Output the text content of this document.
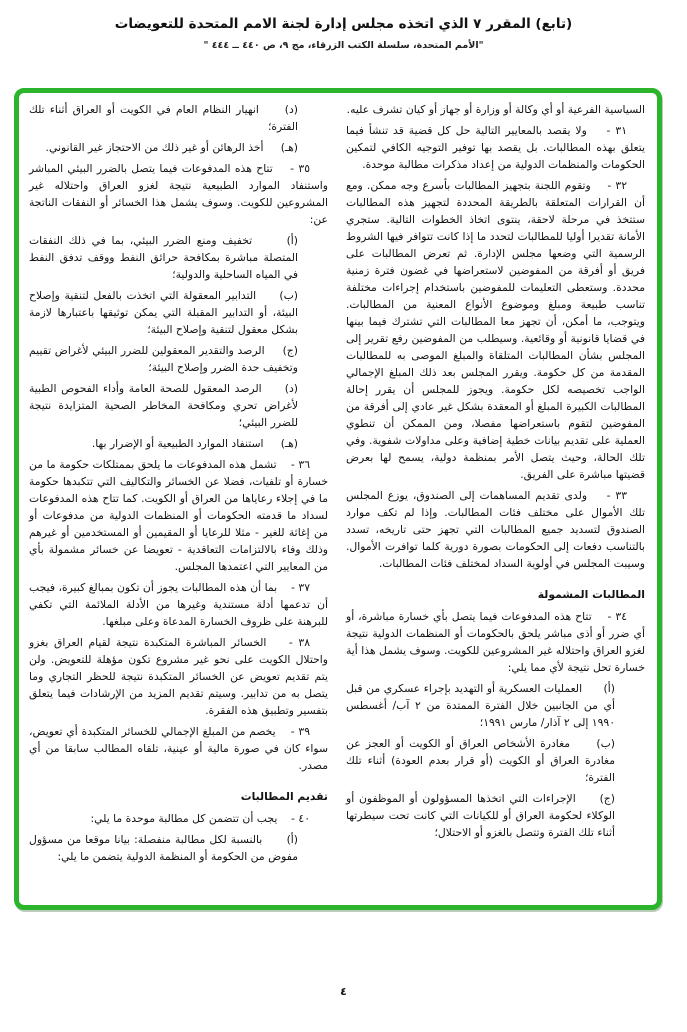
(تابع) المقرر ٧ الذي اتخذه مجلس إدارة لجنة الامم المتحدة للتعويضات
"الأمم المتحدة، سلسلة الكتب الزرقاء، مج ٩، ص ٤٤٠ ــ ٤٤٤ "

السياسية الفرعية أو أي وكالة أو وزارة أو جهاز أو كيان تشرف عليه.

٣١ -    ولا يقصد بالمعايير التالية حل كل قضية قد تنشأ فيما يتعلق بهذه المطالبات. بل يقصد بها توفير التوجيه الكافي لتمكين الحكومات والمنظمات الدولية من إعداد مذكرات مطالبة موحدة.

٣٢ -    وتقوم اللجنة بتجهيز المطالبات بأسرع وجه ممكن. ومع أن القرارات المتعلقة بالطريقة المحددة لتجهيز هذه المطالبات ستتخذ في مرحلة لاحقة، ينتوى اتخاذ الخطوات التالية. ستجري الأمانة تقديرا أوليا للمطالبات لتحدد ما إذا كانت تتوافر فيها الشروط الرسمية التي وضعها مجلس الإدارة. ثم تعرض المطالبات على فريق أو أفرقة من المفوضين لاستعراضها في غضون فترة زمنية محددة. وستعطى التعليمات للمفوضين باستخدام إجراءات مختلفة تناسب طبيعة ومبلغ وموضوع الأنواع المعنية من المطالبات. ويتوجب، ما أمكن، أن تجهز معا المطالبات التي تشترك فيما بينها في قضايا قانونية أو وقائعية. وسيطلب من المفوضين رفع تقرير إلى المجلس بشأن المطالبات المتلقاة والمبلغ الموصى به للمطالبات المقدمة من كل حكومة. ويقرر المجلس بعد ذلك المبلغ الإجمالي الواجب تخصيصه لكل حكومة. ويجوز للمجلس أن يقرر إحالة المطالبات الكبيرة المبلغ أو المعقدة بشكل غير عادي إلى أفرقة من المفوضين لتقوم باستعراضها مفصلا، ومن الممكن أن تنطوي العملية على تقديم بيانات خطية إضافية وعلى مداولات شفوية. وفي تلك الحالة، وحيث يتصل الأمر بمنظمة دولية، يسمح لها بعرض قضيتها مباشرة على الفريق.

٣٣ -    ولدى تقديم المساهمات إلى الصندوق، يوزع المجلس تلك الأموال على مختلف فئات المطالبات. وإذا لم تكف موارد الصندوق لتسديد جميع المطالبات التي تجهز حتى تاريخه، تسدد بالتناسب دفعات إلى الحكومات بصورة دورية كلما توافرت الأموال. وسيبت المجلس في أولوية السداد لمختلف فئات المطالبات.

المطالبات المشمولة

٣٤ -    تتاح هذه المدفوعات فيما يتصل بأي خسارة مباشرة، أو أي ضرر أو أذى مباشر يلحق بالحكومات أو المنظمات الدولية نتيجة لغزو العراق واحتلاله غير المشروعين للكويت. وسوف يشمل هذا أية خسارة تحل نتيجة لأي مما يلي:

(أ)      العمليات العسكرية أو التهديد بإجراء عسكري من قبل أي من الجانبين خلال الفترة الممتدة من ٢ آب/ أغسطس ١٩٩٠ إلى ٢ آذار/ مارس ١٩٩١؛

(ب)     مغادرة الأشخاص العراق أو الكويت أو العجز عن مغادرة العراق أو الكويت (أو قرار بعدم العودة) أثناء تلك الفترة؛

(ج)     الإجراءات التي اتخذها المسؤولون أو الموظفون أو الوكلاء لحكومة العراق أو للكيانات التي كانت تحت سيطرتها أثناء تلك الفترة وتتصل بالغزو أو الاحتلال؛

(د)     انهيار النظام العام في الكويت أو العراق أثناء تلك الفترة؛

(هـ)     أخذ الرهائن أو غير ذلك من الاحتجاز غير القانوني.

٣٥ -    تتاح هذه المدفوعات فيما يتصل بالضرر البيئي المباشر واستنفاد الموارد الطبيعية نتيجة لغزو العراق واحتلاله غير المشروعين للكويت. وسوف يشمل هذا الخسائر أو النفقات الناتجة عن:

(أ)      تخفيف ومنع الضرر البيئي، بما في ذلك النفقات المتصلة مباشرة بمكافحة حرائق النفط ووقف تدفق النفط في المياه الساحلية والدولية؛

(ب)     التدابير المعقولة التي اتخذت بالفعل لتنقية وإصلاح البيئة، أو التدابير المقبلة التي يمكن توثيقها باعتبارها لازمة بشكل معقول لتنقية وإصلاح البيئة؛

(ج)     الرصد والتقدير المعقولين للضرر البيئي لأغراض تقييم وتخفيف حدة الضرر وإصلاح البيئة؛

(د)     الرصد المعقول للصحة العامة وأداء الفحوص الطبية لأغراض تحري ومكافحة المخاطر الصحية المتزايدة نتيجة للضرر البيئي؛

(هـ)     استنفاد الموارد الطبيعية أو الإضرار بها.

٣٦ -    تشمل هذه المدفوعات ما يلحق بممتلكات حكومة ما من خسارة أو تلفيات، فضلا عن الخسائر والتكاليف التي تتكبدها حكومة ما في إجلاء رعاياها من العراق أو الكويت. كما تتاح هذه المدفوعات لسداد ما قدمته الحكومات أو المنظمات الدولية من مدفوعات أو من إغاثة للغير - مثلا للرعايا أو المقيمين أو المستخدمين أو غيرهم وذلك وفاء بالالتزامات التعاقدية - تعويضا عن خسائر مشمولة بأي من المعايير التي اعتمدها المجلس.

٣٧ -    بما أن هذه المطالبات يجوز أن تكون بمبالغ كبيرة، فيجب أن تدعمها أدلة مستندية وغيرها من الأدلة الملائمة التي تكفي للبرهنة على ظروف الخسارة المدعاة وعلى مبلغها.

٣٨ -    الخسائر المباشرة المتكبدة نتيجة لقيام العراق بغزو واحتلال الكويت على نحو غير مشروع تكون مؤهلة للتعويض. ولن يتم تقديم تعويض عن الخسائر المتكبدة نتيجة للحظر التجاري وما يتصل به من تدابير. وسيتم تقديم المزيد من الإرشادات فيما يتعلق بتفسير وتطبيق هذه الفقرة.

٣٩ -    يخصم من المبلغ الإجمالي للخسائر المتكبدة أي تعويض، سواء كان في صورة مالية أو عينية، تلقاه المطالب سابقا من أي مصدر.

تقديم المطالبات

٤٠ -    يجب أن تتضمن كل مطالبة موحدة ما يلي:

(أ)      بالنسبة لكل مطالبة منفصلة: بيانا موقعا من مسؤول مفوض من الحكومة أو المنظمة الدولية يتضمن ما يلي:

٤
